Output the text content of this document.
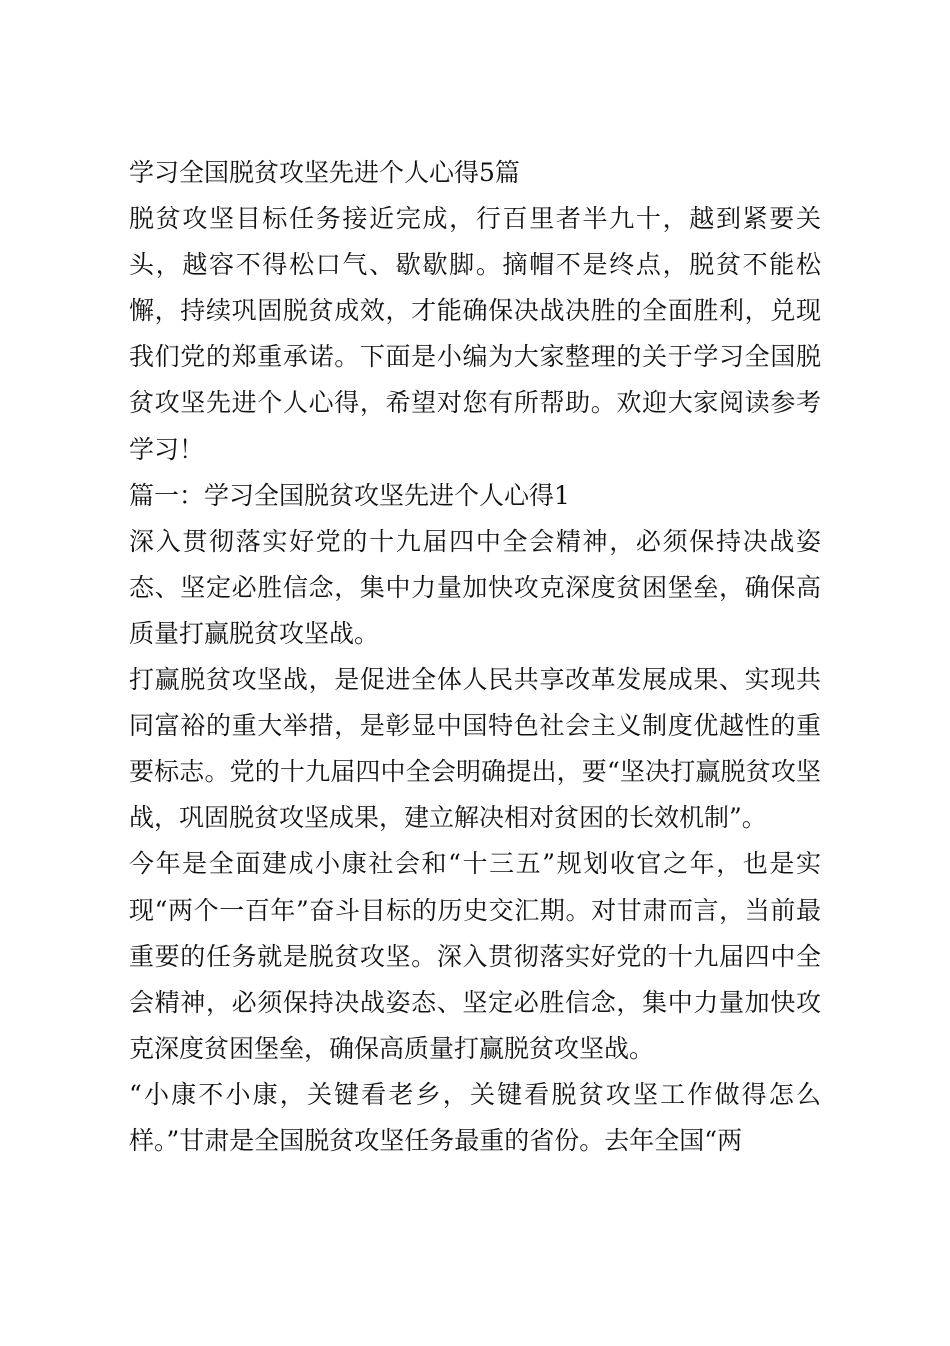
学习全国脱贫攻坚先进个人心得5篇

脱贫攻坚目标任务接近完成，行百里者半九十，越到紧要关头，越容不得松口气、歇歇脚。摘帽不是终点，脱贫不能松懈，持续巩固脱贫成效，才能确保决战决胜的全面胜利，兑现我们党的郑重承诺。下面是小编为大家整理的关于学习全国脱贫攻坚先进个人心得，希望对您有所帮助。欢迎大家阅读参考学习！

篇一：学习全国脱贫攻坚先进个人心得1

深入贯彻落实好党的十九届四中全会精神，必须保持决战姿态、坚定必胜信念，集中力量加快攻克深度贫困堡垒，确保高质量打赢脱贫攻坚战。

打赢脱贫攻坚战，是促进全体人民共享改革发展成果、实现共同富裕的重大举措，是彰显中国特色社会主义制度优越性的重要标志。党的十九届四中全会明确提出，要“坚决打赢脱贫攻坚战，巩固脱贫攻坚成果，建立解决相对贫困的长效机制”。

今年是全面建成小康社会和“十三五”规划收官之年，也是实现“两个一百年”奋斗目标的历史交汇期。对甘肃而言，当前最重要的任务就是脱贫攻坚。深入贯彻落实好党的十九届四中全会精神，必须保持决战姿态、坚定必胜信念，集中力量加快攻克深度贫困堡垒，确保高质量打赢脱贫攻坚战。

“小康不小康，关键看老乡，关键看脱贫攻坚工作做得怎么样。”甘肃是全国脱贫攻坚任务最重的省份。去年全国“两
